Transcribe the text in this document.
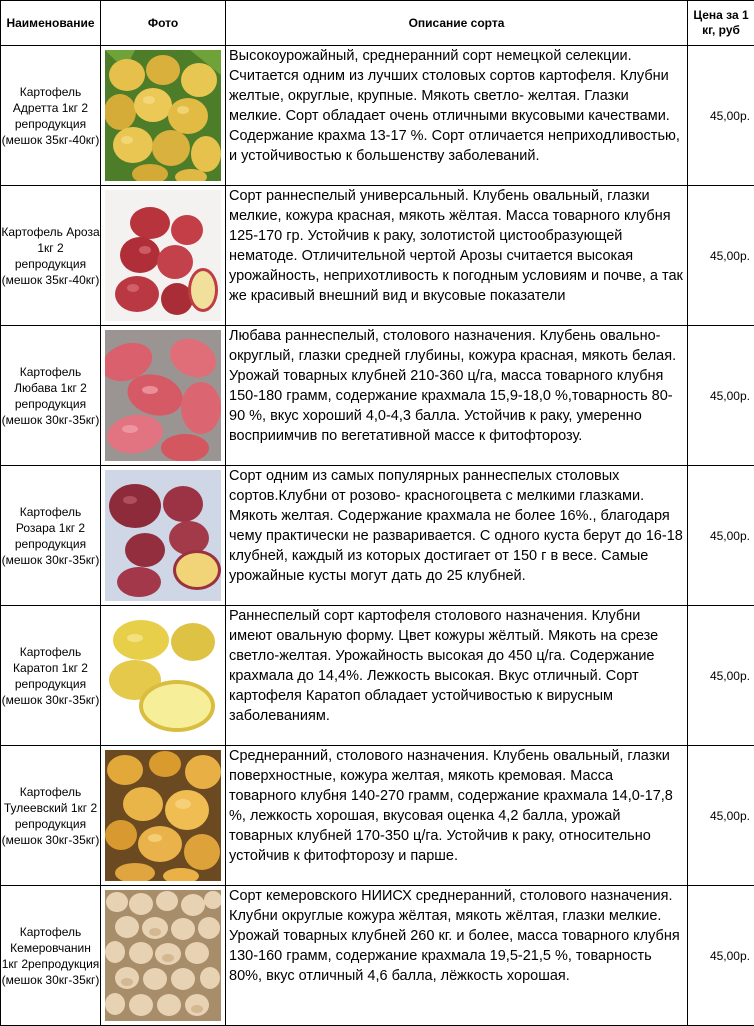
Наименование	Фото	Описание сорта	Цена за 1 кг, руб
Картофель Адретта 1кг 2 репродукция (мешок 35кг-40кг)		Высокоурожайный, среднеранний сорт немецкой селекции. Считается одним из лучших столовых сортов картофеля. Клубни желтые, округлые, крупные. Мякоть светло- желтая. Глазки мелкие. Сорт обладает очень отличными вкусовыми качествами. Содержание крахма 13-17 %. Сорт отличается неприходливостью, и устойчивостью к большенству заболеваний.	45,00р.
Картофель Ароза 1кг 2 репродукция (мешок 35кг-40кг)		Сорт раннеспелый универсальный. Клубень овальный, глазки мелкие, кожура красная, мякоть жёлтая. Масса товарного клубня 125-170 гр. Устойчив к раку, золотистой цистообразующей нематоде. Отличительной чертой Арозы считается высокая урожайность, неприхотливость к погодным условиям и почве, а так же красивый внешний вид и вкусовые показатели	45,00р.
Картофель Любава 1кг 2 репродукция (мешок 30кг-35кг)		Любава раннеспелый, столового назначения. Клубень овально-округлый, глазки средней глубины, кожура красная, мякоть белая. Урожай товарных клубней 210-360 ц/га, масса товарного клубня 150-180 грамм, содержание крахмала 15,9-18,0 %,товарность 80-90 %, вкус хороший 4,0-4,3 балла. Устойчив к раку, умеренно восприимчив по вегетативной массе к фитофторозу.	45,00р.
Картофель Розара 1кг 2 репродукция (мешок 30кг-35кг)		Сорт одним из самых популярных раннеспелых столовых сортов.Клубни от розово- красногоцвета с мелкими глазками. Мякоть желтая. Содержание крахмала не более 16%., благодаря чему практически не разваривается. С одного куста берут до 16-18 клубней, каждый из которых достигает от 150 г в весе. Самые урожайные кусты могут дать до 25 клубней.	45,00р.
Картофель Каратоп 1кг 2 репродукция (мешок 30кг-35кг)		Раннеспелый сорт картофеля столового назначения. Клубни имеют овальную форму. Цвет кожуры жёлтый. Мякоть на срезе светло-желтая. Урожайность высокая до 450 ц/га. Содержание крахмала до 14,4%. Лежкость высокая. Вкус отличный. Сорт картофеля Каратоп обладает устойчивостью к вирусным заболеваниям.	45,00р.
Картофель Тулеевский 1кг 2 репродукция (мешок 30кг-35кг)		Среднеранний, столового назначения. Клубень овальный, глазки поверхностные, кожура желтая, мякоть кремовая. Масса товарного клубня 140-270 грамм, содержание крахмала 14,0-17,8 %, лежкость хорошая, вкусовая оценка 4,2 балла, урожай товарных клубней 170-350 ц/га. Устойчив к раку, относительно устойчив к фитофторозу и парше.	45,00р.
Картофель Кемеровчанин 1кг 2репродукция (мешок 30кг-35кг)		Сорт кемеровского НИИСХ среднеранний, столового назначения. Клубни округлые кожура жёлтая, мякоть жёлтая, глазки мелкие. Урожай товарных клубней 260 кг. и более, масса товарного клубня 130-160 грамм, содержание крахмала 19,5-21,5 %, товарность 80%, вкус отличный 4,6 балла, лёжкость хорошая.	45,00р.
